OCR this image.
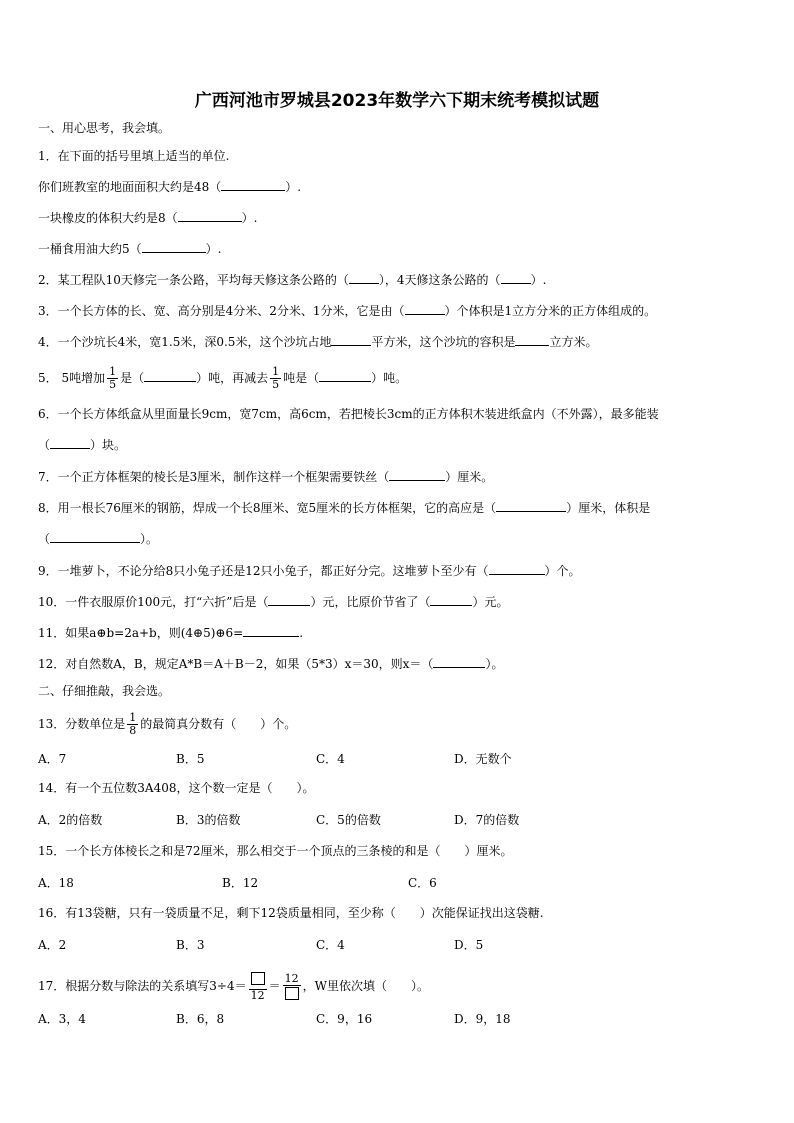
广西河池市罗城县2023年数学六下期末统考模拟试题
一、用心思考，我会填。
1．在下面的括号里填上适当的单位.
你们班教室的地面面积大约是48（	）.
一块橡皮的体积大约是8（	）.
一桶食用油大约5（	）.
2．某工程队10天修完一条公路，平均每天修这条公路的（	），4天修这条公路的（	）.
3．一个长方体的长、宽、高分别是4分米、2分米、1分米，它是由（	）个体积是1立方分米的正方体组成的。
4．一个沙坑长4米，宽1.5米，深0.5米，这个沙坑占地	平方米，这个沙坑的容积是	立方米。
5． 5吨增加 $\frac{1}{5}$ 是（	）吨，再减去 $\frac{1}{5}$ 吨是（	）吨。
6．一个长方体纸盒从里面量长9cm，宽7cm，高6cm，若把棱长3cm的正方体积木装进纸盒内（不外露），最多能装
（	）块。
7．一个正方体框架的棱长是3厘米，制作这样一个框架需要铁丝（	）厘米。
8．用一根长76厘米的钢筋，焊成一个长8厘米、宽5厘米的长方体框架，它的高应是（	）厘米，体积是
（	）。
9．一堆萝卜，不论分给8只小兔子还是12只小兔子，都正好分完。这堆萝卜至少有（	）个。
10．一件衣服原价100元，打“六折”后是（	）元，比原价节省了（	）元。
11．如果a⊕b=2a+b，则(4⊕5)⊕6=	.
12．对自然数A，B，规定A*B＝A＋B－2，如果（5*3）x＝30，则x＝（	）。
二、仔细推敲，我会选。
13．分数单位是 $\frac{1}{8}$ 的最简真分数有（　　）个。
A．7	B．5	C．4	D．无数个
14．有一个五位数3A408，这个数一定是（　　）。
A．2的倍数	B．3的倍数	C．5的倍数	D．7的倍数
15．一个长方体棱长之和是72厘米，那么相交于一个顶点的三条棱的和是（　　）厘米。
A．18	B．12	C．6
16．有13袋糖，只有一袋质量不足，剩下12袋质量相同，至少称（　　）次能保证找出这袋糖.
A．2	B．3	C．4	D．5
17．根据分数与除法的关系填写3÷4＝
12
＝
12
，W里依次填（　　）。
A．3，4	B．6，8	C．9，16	D．9，18
